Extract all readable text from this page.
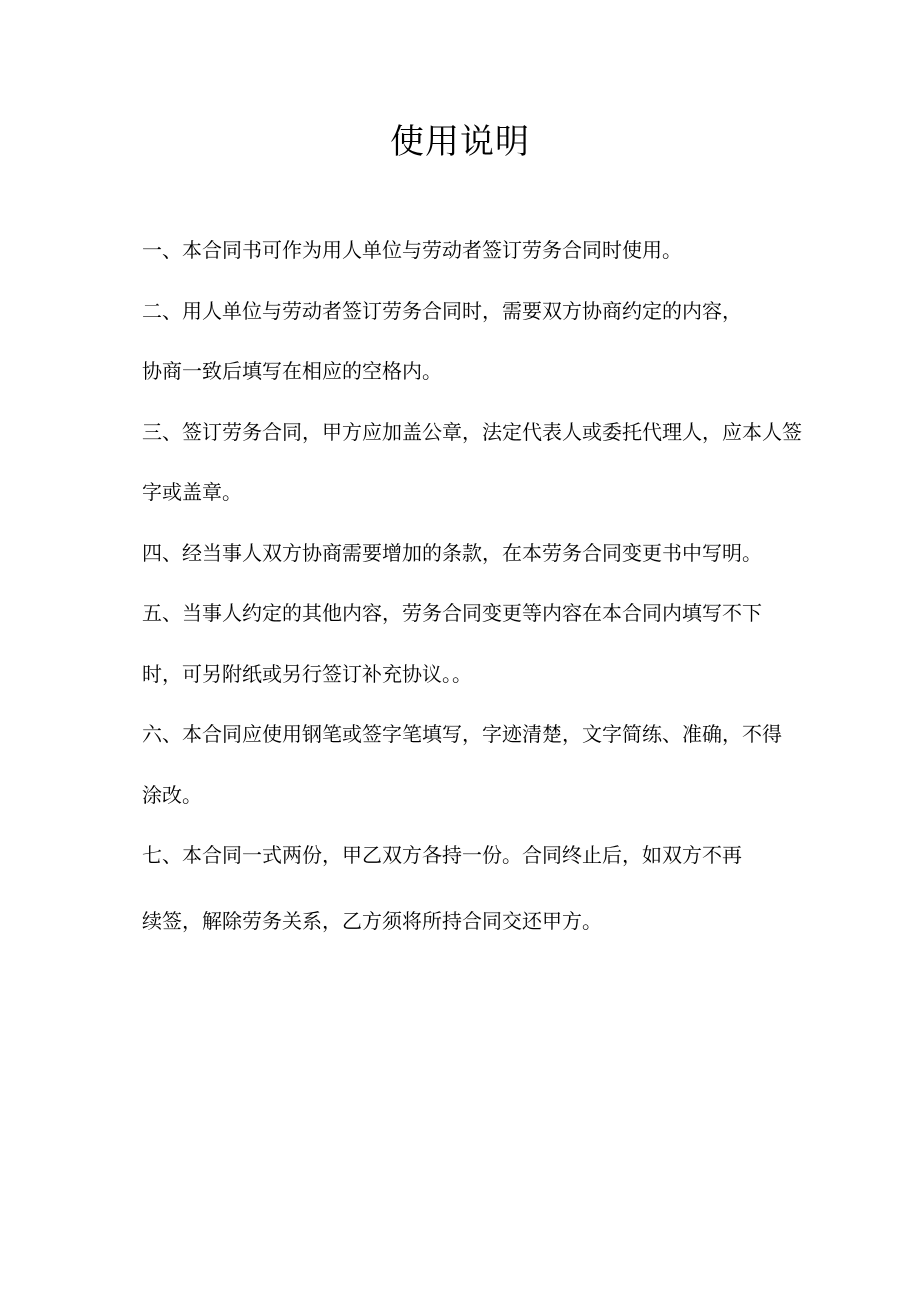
使用说明
一、本合同书可作为用人单位与劳动者签订劳务合同时使用。
二、用人单位与劳动者签订劳务合同时，需要双方协商约定的内容，
协商一致后填写在相应的空格内。
三、签订劳务合同，甲方应加盖公章，法定代表人或委托代理人，应本人签
字或盖章。
四、经当事人双方协商需要增加的条款，在本劳务合同变更书中写明。
五、当事人约定的其他内容，劳务合同变更等内容在本合同内填写不下
时，可另附纸或另行签订补充协议。。
六、本合同应使用钢笔或签字笔填写，字迹清楚，文字简练、准确，不得
涂改。
七、本合同一式两份，甲乙双方各持一份。合同终止后，如双方不再
续签，解除劳务关系，乙方须将所持合同交还甲方。
